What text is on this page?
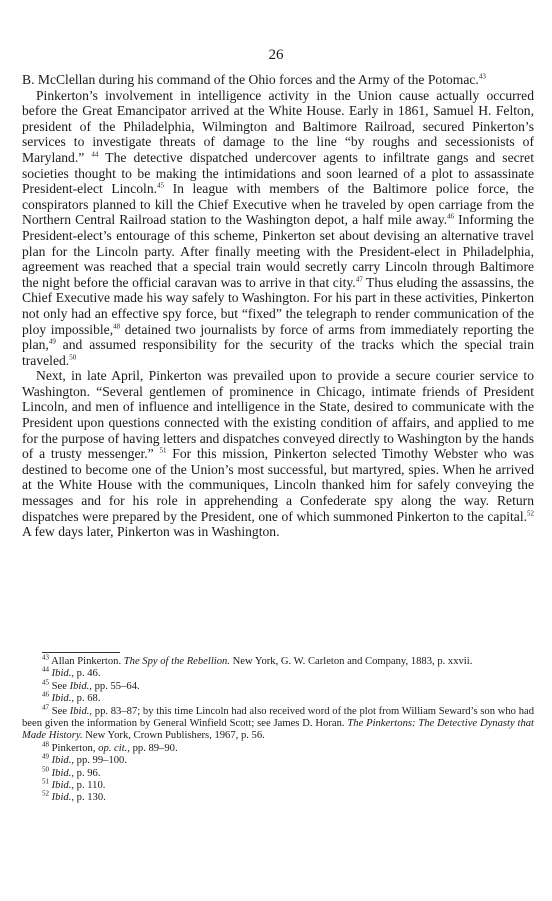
26

B. McClellan during his command of the Ohio forces and the Army of the Potomac.$^{43}$

Pinkerton’s involvement in intelligence activity in the Union cause actually occurred before the Great Emancipator arrived at the White House. Early in 1861, Samuel H. Felton, president of the Philadelphia, Wilmington and Baltimore Railroad, secured Pinkerton’s services to investigate threats of damage to the line “by roughs and secessionists of Maryland.” $^{44}$ The detective dispatched undercover agents to infiltrate gangs and secret societies thought to be making the intimidations and soon learned of a plot to assassinate President-elect Lincoln.$^{45}$ In league with members of the Baltimore police force, the conspirators planned to kill the Chief Executive when he traveled by open carriage from the Northern Central Railroad station to the Washington depot, a half mile away.$^{46}$ Informing the President-elect’s entourage of this scheme, Pinkerton set about devising an alternative travel plan for the Lincoln party. After finally meeting with the President-elect in Philadelphia, agreement was reached that a special train would secretly carry Lincoln through Baltimore the night before the official caravan was to arrive in that city.$^{47}$ Thus eluding the assassins, the Chief Executive made his way safely to Washington. For his part in these activities, Pinkerton not only had an effective spy force, but “fixed” the telegraph to render communication of the ploy impossible,$^{48}$ detained two journalists by force of arms from immediately reporting the plan,$^{49}$ and assumed responsibility for the security of the tracks which the special train traveled.$^{50}$

Next, in late April, Pinkerton was prevailed upon to provide a secure courier service to Washington. “Several gentlemen of prominence in Chicago, intimate friends of President Lincoln, and men of influence and intelligence in the State, desired to communicate with the President upon questions connected with the existing condition of affairs, and applied to me for the purpose of having letters and dispatches conveyed directly to Washington by the hands of a trusty messenger.” $^{51}$ For this mission, Pinkerton selected Timothy Webster who was destined to become one of the Union’s most successful, but martyred, spies. When he arrived at the White House with the communiques, Lincoln thanked him for safely conveying the messages and for his role in apprehending a Confederate spy along the way. Return dispatches were prepared by the President, one of which summoned Pinkerton to the capital.$^{52}$ A few days later, Pinkerton was in Washington.

$^{43}$ Allan Pinkerton. The Spy of the Rebellion. New York, G. W. Carleton and Company, 1883, p. xxvii.

$^{44}$ Ibid., p. 46.

$^{45}$ See Ibid., pp. 55–64.

$^{46}$ Ibid., p. 68.

$^{47}$ See Ibid., pp. 83–87; by this time Lincoln had also received word of the plot from William Seward’s son who had been given the information by General Winfield Scott; see James D. Horan. The Pinkertons: The Detective Dynasty that Made History. New York, Crown Publishers, 1967, p. 56.

$^{48}$ Pinkerton, op. cit., pp. 89–90.

$^{49}$ Ibid., pp. 99–100.

$^{50}$ Ibid., p. 96.

$^{51}$ Ibid., p. 110.

$^{52}$ Ibid., p. 130.
